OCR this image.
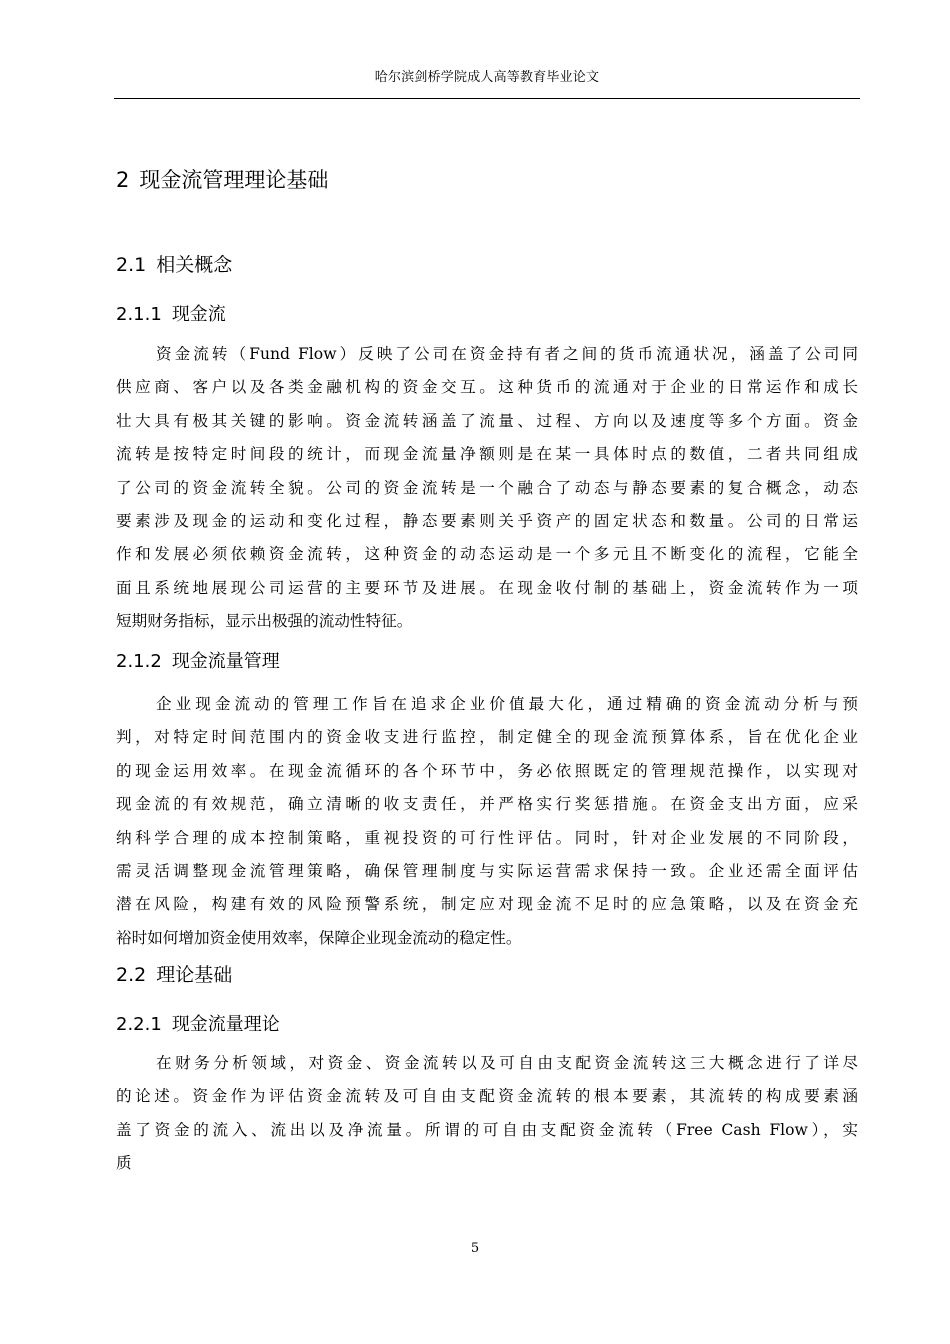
哈尔滨剑桥学院成人高等教育毕业论文
2 现金流管理理论基础
2.1 相关概念
2.1.1 现金流

资金流转（Fund Flow）反映了公司在资金持有者之间的货币流通状况，涵盖了公司同
供应商、客户以及各类金融机构的资金交互。这种货币的流通对于企业的日常运作和成长
壮大具有极其关键的影响。资金流转涵盖了流量、过程、方向以及速度等多个方面。资金
流转是按特定时间段的统计，而现金流量净额则是在某一具体时点的数值，二者共同组成
了公司的资金流转全貌。公司的资金流转是一个融合了动态与静态要素的复合概念，动态
要素涉及现金的运动和变化过程，静态要素则关乎资产的固定状态和数量。公司的日常运
作和发展必须依赖资金流转，这种资金的动态运动是一个多元且不断变化的流程，它能全
面且系统地展现公司运营的主要环节及进展。在现金收付制的基础上，资金流转作为一项
短期财务指标，显示出极强的流动性特征。

2.1.2 现金流量管理

企业现金流动的管理工作旨在追求企业价值最大化，通过精确的资金流动分析与预
判，对特定时间范围内的资金收支进行监控，制定健全的现金流预算体系，旨在优化企业
的现金运用效率。在现金流循环的各个环节中，务必依照既定的管理规范操作，以实现对
现金流的有效规范，确立清晰的收支责任，并严格实行奖惩措施。在资金支出方面，应采
纳科学合理的成本控制策略，重视投资的可行性评估。同时，针对企业发展的不同阶段，
需灵活调整现金流管理策略，确保管理制度与实际运营需求保持一致。企业还需全面评估
潜在风险，构建有效的风险预警系统，制定应对现金流不足时的应急策略，以及在资金充
裕时如何增加资金使用效率，保障企业现金流动的稳定性。

2.2 理论基础
2.2.1 现金流量理论

在财务分析领域，对资金、资金流转以及可自由支配资金流转这三大概念进行了详尽
的论述。资金作为评估资金流转及可自由支配资金流转的根本要素，其流转的构成要素涵
盖了资金的流入、流出以及净流量。所谓的可自由支配资金流转（Free Cash Flow），实
质

5
